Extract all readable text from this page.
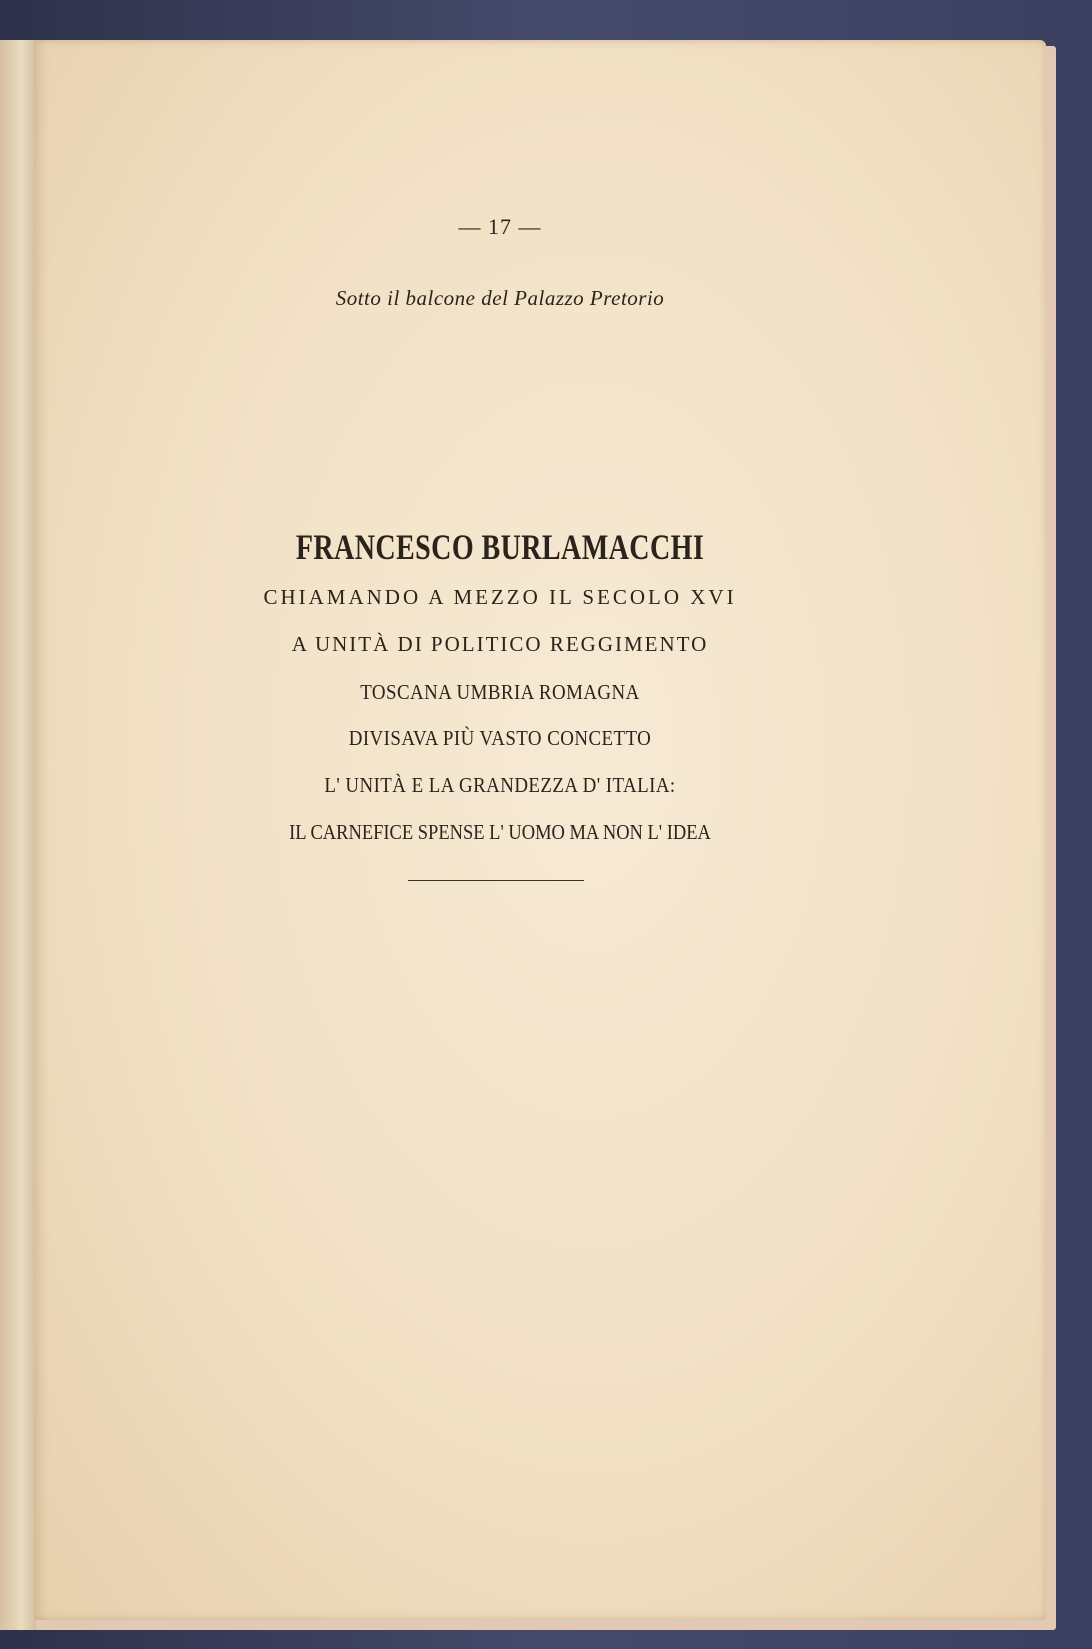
— 17 —
Sotto il balcone del Palazzo Pretorio
FRANCESCO BURLAMACCHI
CHIAMANDO A MEZZO IL SECOLO XVI
A UNITÀ DI POLITICO REGGIMENTO
TOSCANA UMBRIA ROMAGNA
DIVISAVA PIÙ VASTO CONCETTO
L' UNITÀ E LA GRANDEZZA D' ITALIA:
IL CARNEFICE SPENSE L' UOMO MA NON L' IDEA
